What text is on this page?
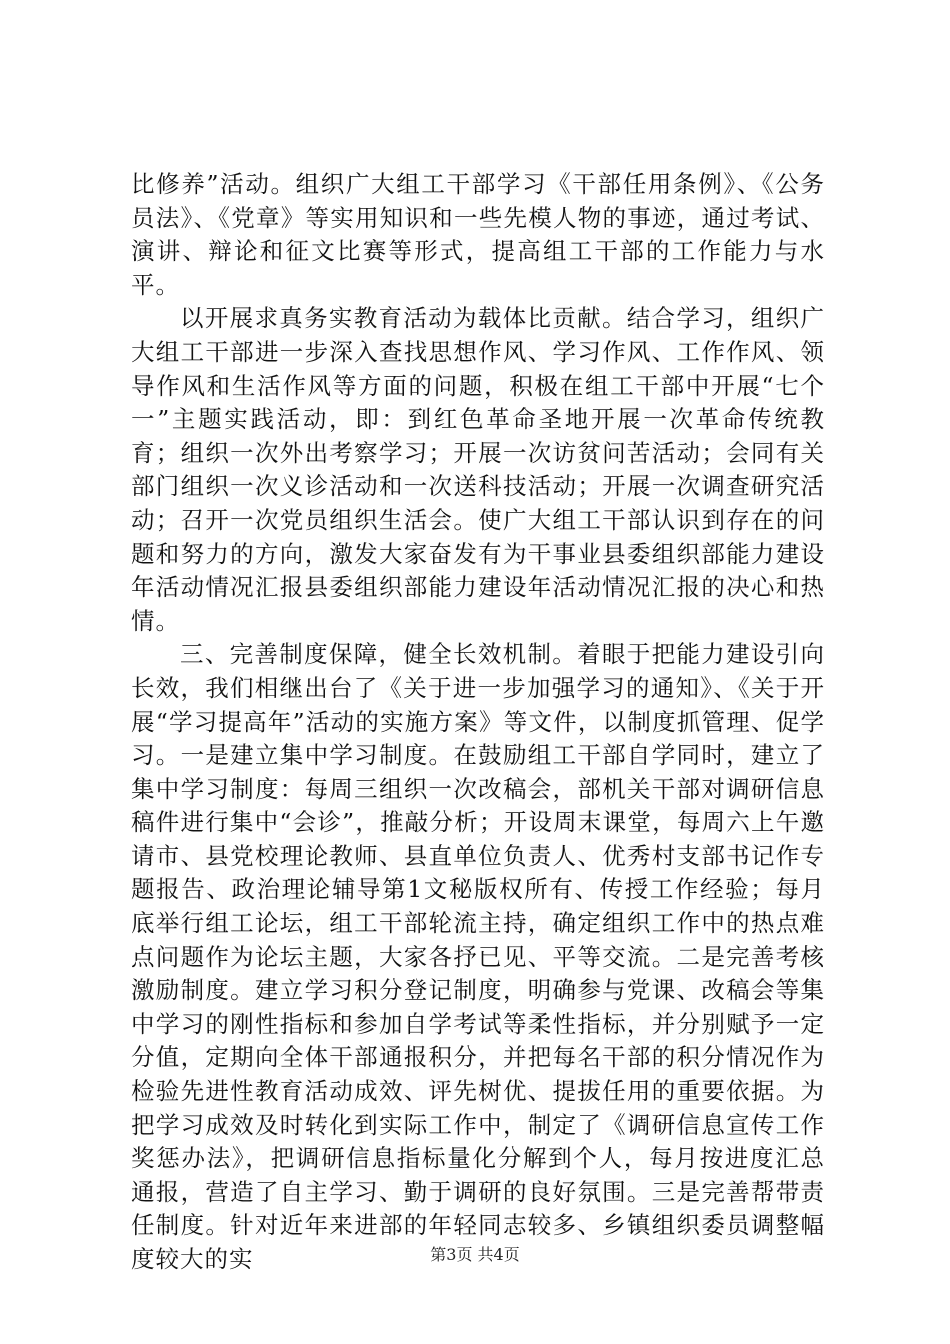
比修养”活动。组织广大组工干部学习《干部任用条例》、《公务员法》、《党章》等实用知识和一些先模人物的事迹，通过考试、演讲、辩论和征文比赛等形式，提高组工干部的工作能力与水平。

以开展求真务实教育活动为载体比贡献。结合学习，组织广大组工干部进一步深入查找思想作风、学习作风、工作作风、领导作风和生活作风等方面的问题，积极在组工干部中开展“七个一”主题实践活动，即：到红色革命圣地开展一次革命传统教育；组织一次外出考察学习；开展一次访贫问苦活动；会同有关部门组织一次义诊活动和一次送科技活动；开展一次调查研究活动；召开一次党员组织生活会。使广大组工干部认识到存在的问题和努力的方向，激发大家奋发有为干事业县委组织部能力建设年活动情况汇报县委组织部能力建设年活动情况汇报的决心和热情。

三、完善制度保障，健全长效机制。着眼于把能力建设引向长效，我们相继出台了《关于进一步加强学习的通知》、《关于开展“学习提高年”活动的实施方案》等文件，以制度抓管理、促学习。一是建立集中学习制度。在鼓励组工干部自学同时，建立了集中学习制度：每周三组织一次改稿会，部机关干部对调研信息稿件进行集中“会诊”，推敲分析；开设周末课堂，每周六上午邀请市、县党校理论教师、县直单位负责人、优秀村支部书记作专题报告、政治理论辅导第1文秘版权所有、传授工作经验；每月底举行组工论坛，组工干部轮流主持，确定组织工作中的热点难点问题作为论坛主题，大家各抒已见、平等交流。二是完善考核激励制度。建立学习积分登记制度，明确参与党课、改稿会等集中学习的刚性指标和参加自学考试等柔性指标，并分别赋予一定分值，定期向全体干部通报积分，并把每名干部的积分情况作为检验先进性教育活动成效、评先树优、提拔任用的重要依据。为把学习成效及时转化到实际工作中，制定了《调研信息宣传工作奖惩办法》，把调研信息指标量化分解到个人，每月按进度汇总通报，营造了自主学习、勤于调研的良好氛围。三是完善帮带责任制度。针对近年来进部的年轻同志较多、乡镇组织委员调整幅度较大的实	第3页 共4页
